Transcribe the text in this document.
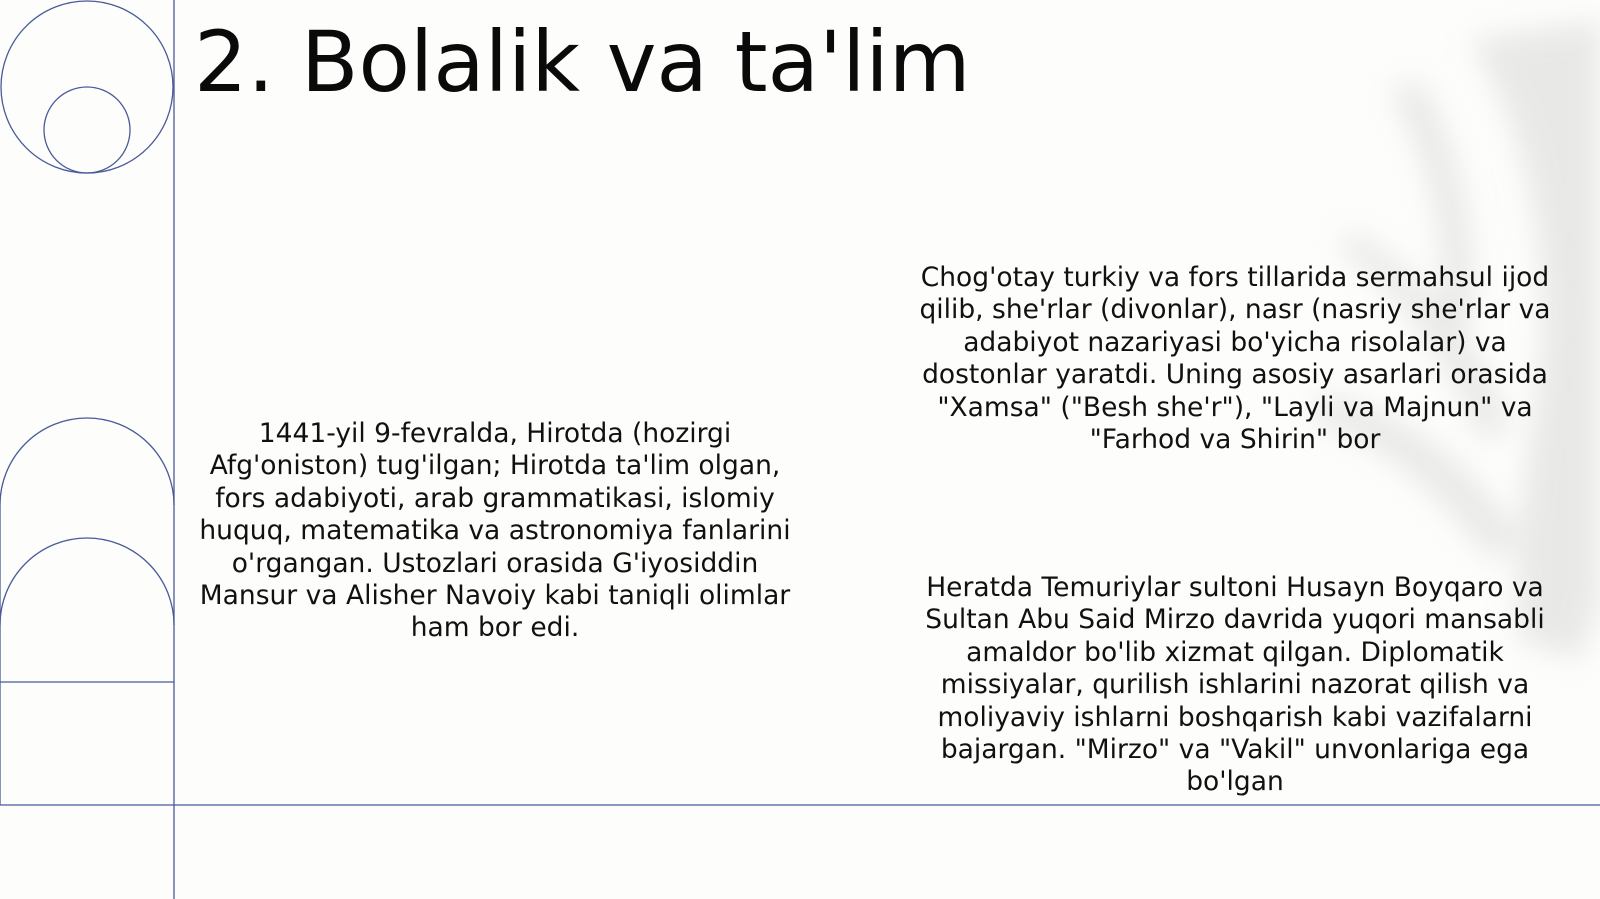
2. Bolalik va ta'lim

1441-yil 9-fevralda, Hirotda (hozirgi Afg'oniston) tug'ilgan; Hirotda ta'lim olgan, fors adabiyoti, arab grammatikasi, islomiy huquq, matematika va astronomiya fanlarini o'rgangan. Ustozlari orasida G'iyosiddin Mansur va Alisher Navoiy kabi taniqli olimlar ham bor edi.

Chog'otay turkiy va fors tillarida sermahsul ijod qilib, she'rlar (divonlar), nasr (nasriy she'rlar va adabiyot nazariyasi bo'yicha risolalar) va dostonlar yaratdi. Uning asosiy asarlari orasida "Xamsa" ("Besh she'r"), "Layli va Majnun" va "Farhod va Shirin" bor

Heratda Temuriylar sultoni Husayn Boyqaro va Sultan Abu Said Mirzo davrida yuqori mansabli amaldor bo'lib xizmat qilgan. Diplomatik missiyalar, qurilish ishlarini nazorat qilish va moliyaviy ishlarni boshqarish kabi vazifalarni bajargan. "Mirzo" va "Vakil" unvonlariga ega bo'lgan
